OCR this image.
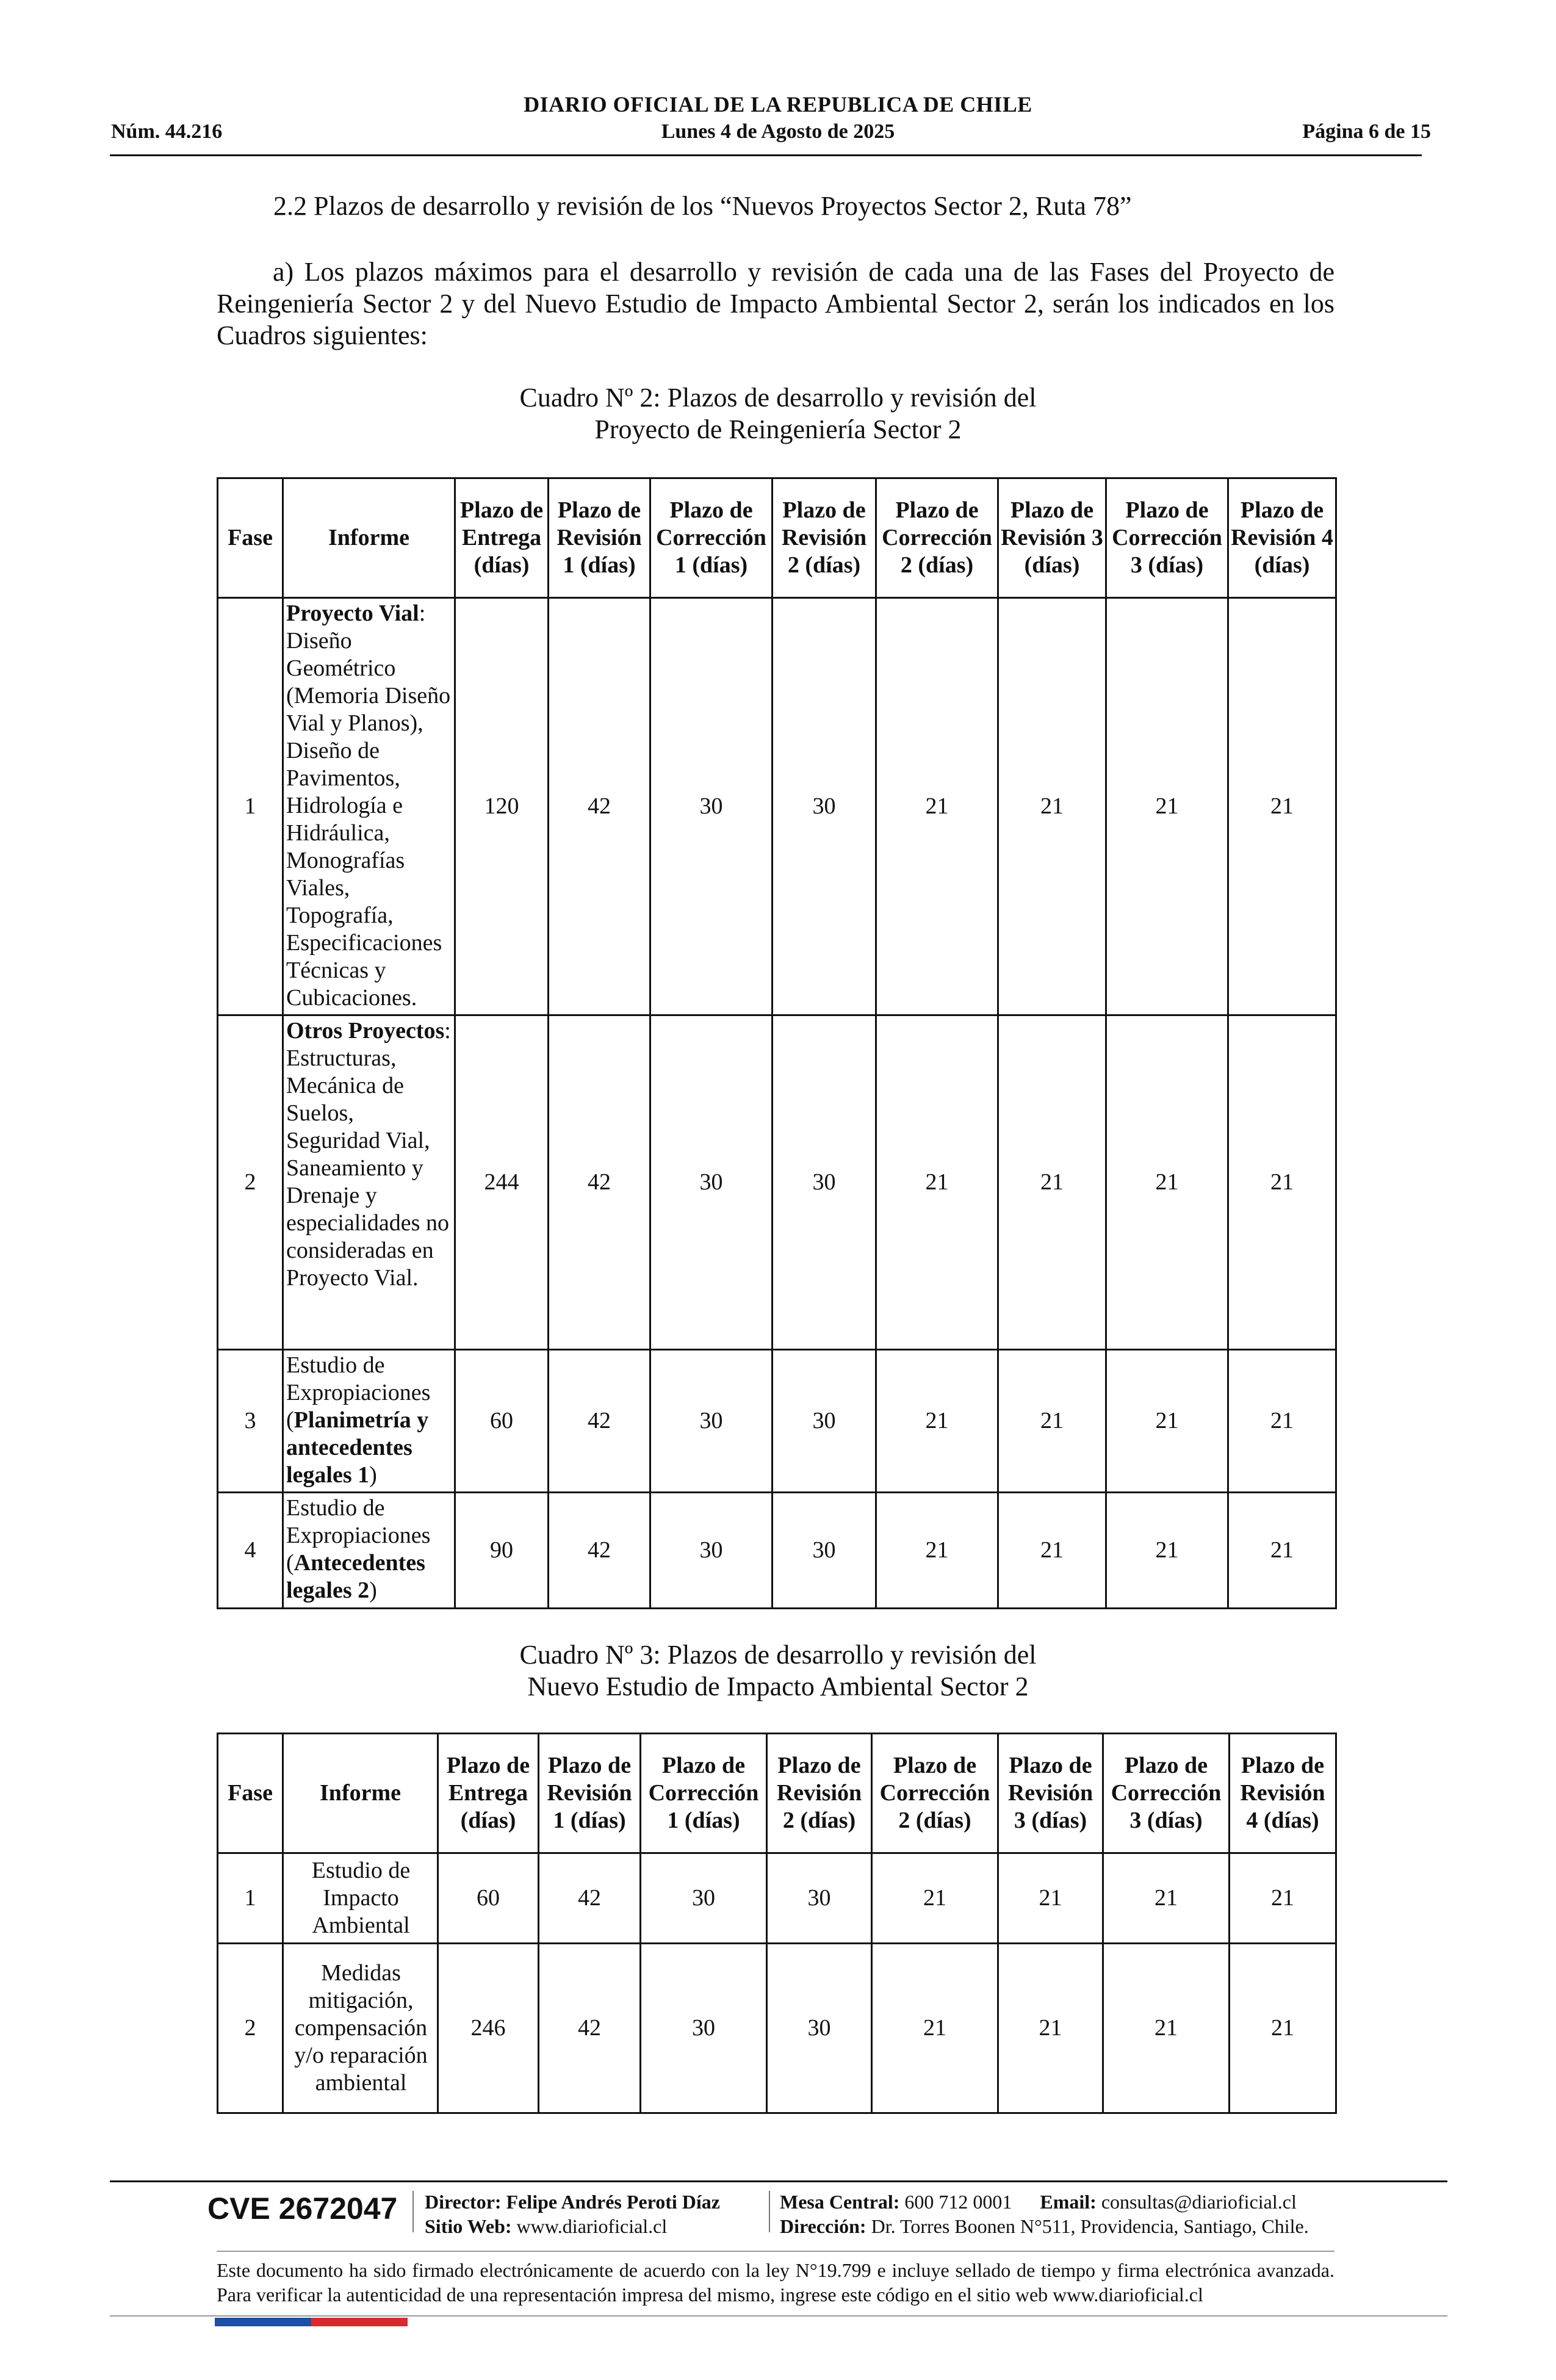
DIARIO OFICIAL DE LA REPUBLICA DE CHILE
Núm. 44.216	Lunes 4 de Agosto de 2025	Página 6 de 15
2.2 Plazos de desarrollo y revisión de los “Nuevos Proyectos Sector 2, Ruta 78”
a) Los plazos máximos para el desarrollo y revisión de cada una de las Fases del Proyecto de Reingeniería Sector 2 y del Nuevo Estudio de Impacto Ambiental Sector 2, serán los indicados en los Cuadros siguientes:
Cuadro Nº 2: Plazos de desarrollo y revisión del
Proyecto de Reingeniería Sector 2
Fase	Informe	Plazo de Entrega (días)	Plazo de Revisión 1 (días)	Plazo de Corrección 1 (días)	Plazo de Revisión 2 (días)	Plazo de Corrección 2 (días)	Plazo de Revisión 3 (días)	Plazo de Corrección 3 (días)	Plazo de Revisión 4 (días)
1	Proyecto Vial: Diseño Geométrico (Memoria Diseño Vial y Planos), Diseño de Pavimentos, Hidrología e Hidráulica, Monografías Viales, Topografía, Especificaciones Técnicas y Cubicaciones.	120	42	30	30	21	21	21	21
2	Otros Proyectos: Estructuras, Mecánica de Suelos, Seguridad Vial, Saneamiento y Drenaje y especialidades no consideradas en Proyecto Vial.	244	42	30	30	21	21	21	21
3	Estudio de Expropiaciones (Planimetría y antecedentes legales 1)	60	42	30	30	21	21	21	21
4	Estudio de Expropiaciones (Antecedentes legales 2)	90	42	30	30	21	21	21	21
Cuadro Nº 3: Plazos de desarrollo y revisión del
Nuevo Estudio de Impacto Ambiental Sector 2
Fase	Informe	Plazo de Entrega (días)	Plazo de Revisión 1 (días)	Plazo de Corrección 1 (días)	Plazo de Revisión 2 (días)	Plazo de Corrección 2 (días)	Plazo de Revisión 3 (días)	Plazo de Corrección 3 (días)	Plazo de Revisión 4 (días)
1	Estudio de Impacto Ambiental	60	42	30	30	21	21	21	21
2	Medidas mitigación, compensación y/o reparación ambiental	246	42	30	30	21	21	21	21
CVE 2672047 Director: Felipe Andrés Peroti Díaz
Sitio Web: www.diarioficial.cl
Mesa Central: 600 712 0001 Email: consultas@diarioficial.cl
Dirección: Dr. Torres Boonen N°511, Providencia, Santiago, Chile.
Este documento ha sido firmado electrónicamente de acuerdo con la ley N°19.799 e incluye sellado de tiempo y firma electrónica avanzada. Para verificar la autenticidad de una representación impresa del mismo, ingrese este código en el sitio web www.diarioficial.cl
